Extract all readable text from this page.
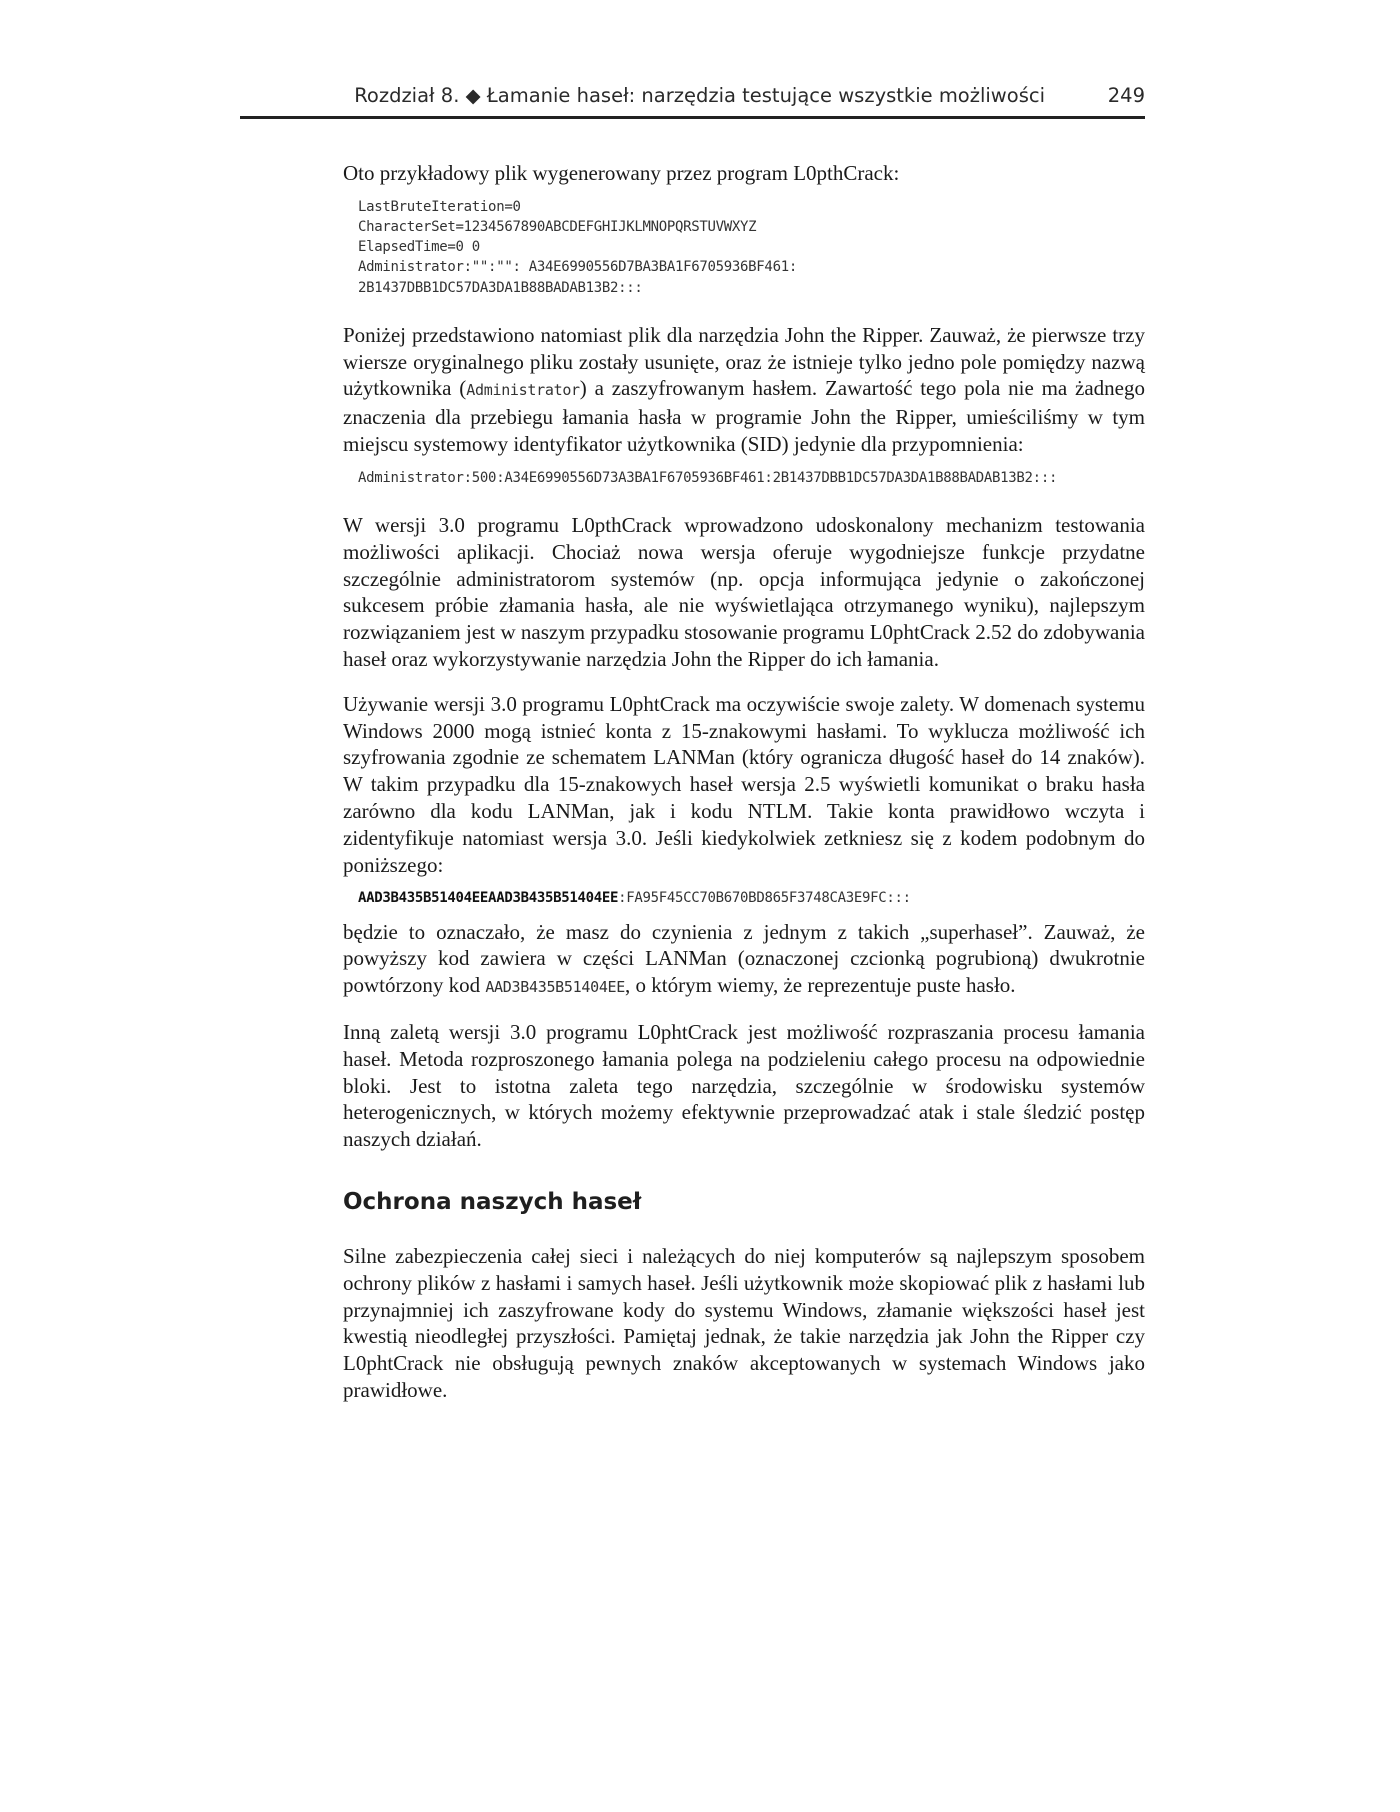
Rozdział 8. ◆ Łamanie haseł: narzędzia testujące wszystkie możliwości	249

Oto przykładowy plik wygenerowany przez program L0pthCrack:

LastBruteIteration=0
CharacterSet=1234567890ABCDEFGHIJKLMNOPQRSTUVWXYZ
ElapsedTime=0 0
Administrator:"":"": A34E6990556D7BA3BA1F6705936BF461:
2B1437DBB1DC57DA3DA1B88BADAB13B2:::

Poniżej przedstawiono natomiast plik dla narzędzia John the Ripper. Zauważ, że pierwsze trzy wiersze oryginalnego pliku zostały usunięte, oraz że istnieje tylko jedno pole pomiędzy nazwą użytkownika (Administrator) a zaszyfrowanym hasłem. Zawartość tego pola nie ma żadnego znaczenia dla przebiegu łamania hasła w programie John the Ripper, umieściliśmy w tym miejscu systemowy identyfikator użytkownika (SID) jedynie dla przypomnienia:

Administrator:500:A34E6990556D73A3BA1F6705936BF461:2B1437DBB1DC57DA3DA1B88BADAB13B2:::

W wersji 3.0 programu L0pthCrack wprowadzono udoskonalony mechanizm testowania możliwości aplikacji. Chociaż nowa wersja oferuje wygodniejsze funkcje przydatne szczególnie administratorom systemów (np. opcja informująca jedynie o zakończonej sukcesem próbie złamania hasła, ale nie wyświetlająca otrzymanego wyniku), najlepszym rozwiązaniem jest w naszym przypadku stosowanie programu L0phtCrack 2.52 do zdobywania haseł oraz wykorzystywanie narzędzia John the Ripper do ich łamania.

Używanie wersji 3.0 programu L0phtCrack ma oczywiście swoje zalety. W domenach systemu Windows 2000 mogą istnieć konta z 15-znakowymi hasłami. To wyklucza możliwość ich szyfrowania zgodnie ze schematem LANMan (który ogranicza długość haseł do 14 znaków). W takim przypadku dla 15-znakowych haseł wersja 2.5 wyświetli komunikat o braku hasła zarówno dla kodu LANMan, jak i kodu NTLM. Takie konta prawidłowo wczyta i zidentyfikuje natomiast wersja 3.0. Jeśli kiedykolwiek zetkniesz się z kodem podobnym do poniższego:

AAD3B435B51404EEAAD3B435B51404EE:FA95F45CC70B670BD865F3748CA3E9FC:::

będzie to oznaczało, że masz do czynienia z jednym z takich „superhaseł”. Zauważ, że powyższy kod zawiera w części LANMan (oznaczonej czcionką pogrubioną) dwukrotnie powtórzony kod AAD3B435B51404EE, o którym wiemy, że reprezentuje puste hasło.

Inną zaletą wersji 3.0 programu L0phtCrack jest możliwość rozpraszania procesu łamania haseł. Metoda rozproszonego łamania polega na podzieleniu całego procesu na odpowiednie bloki. Jest to istotna zaleta tego narzędzia, szczególnie w środowisku systemów heterogenicznych, w których możemy efektywnie przeprowadzać atak i stale śledzić postęp naszych działań.

Ochrona naszych haseł

Silne zabezpieczenia całej sieci i należących do niej komputerów są najlepszym sposobem ochrony plików z hasłami i samych haseł. Jeśli użytkownik może skopiować plik z hasłami lub przynajmniej ich zaszyfrowane kody do systemu Windows, złamanie większości haseł jest kwestią nieodległej przyszłości. Pamiętaj jednak, że takie narzędzia jak John the Ripper czy L0phtCrack nie obsługują pewnych znaków akceptowanych w systemach Windows jako prawidłowe.
